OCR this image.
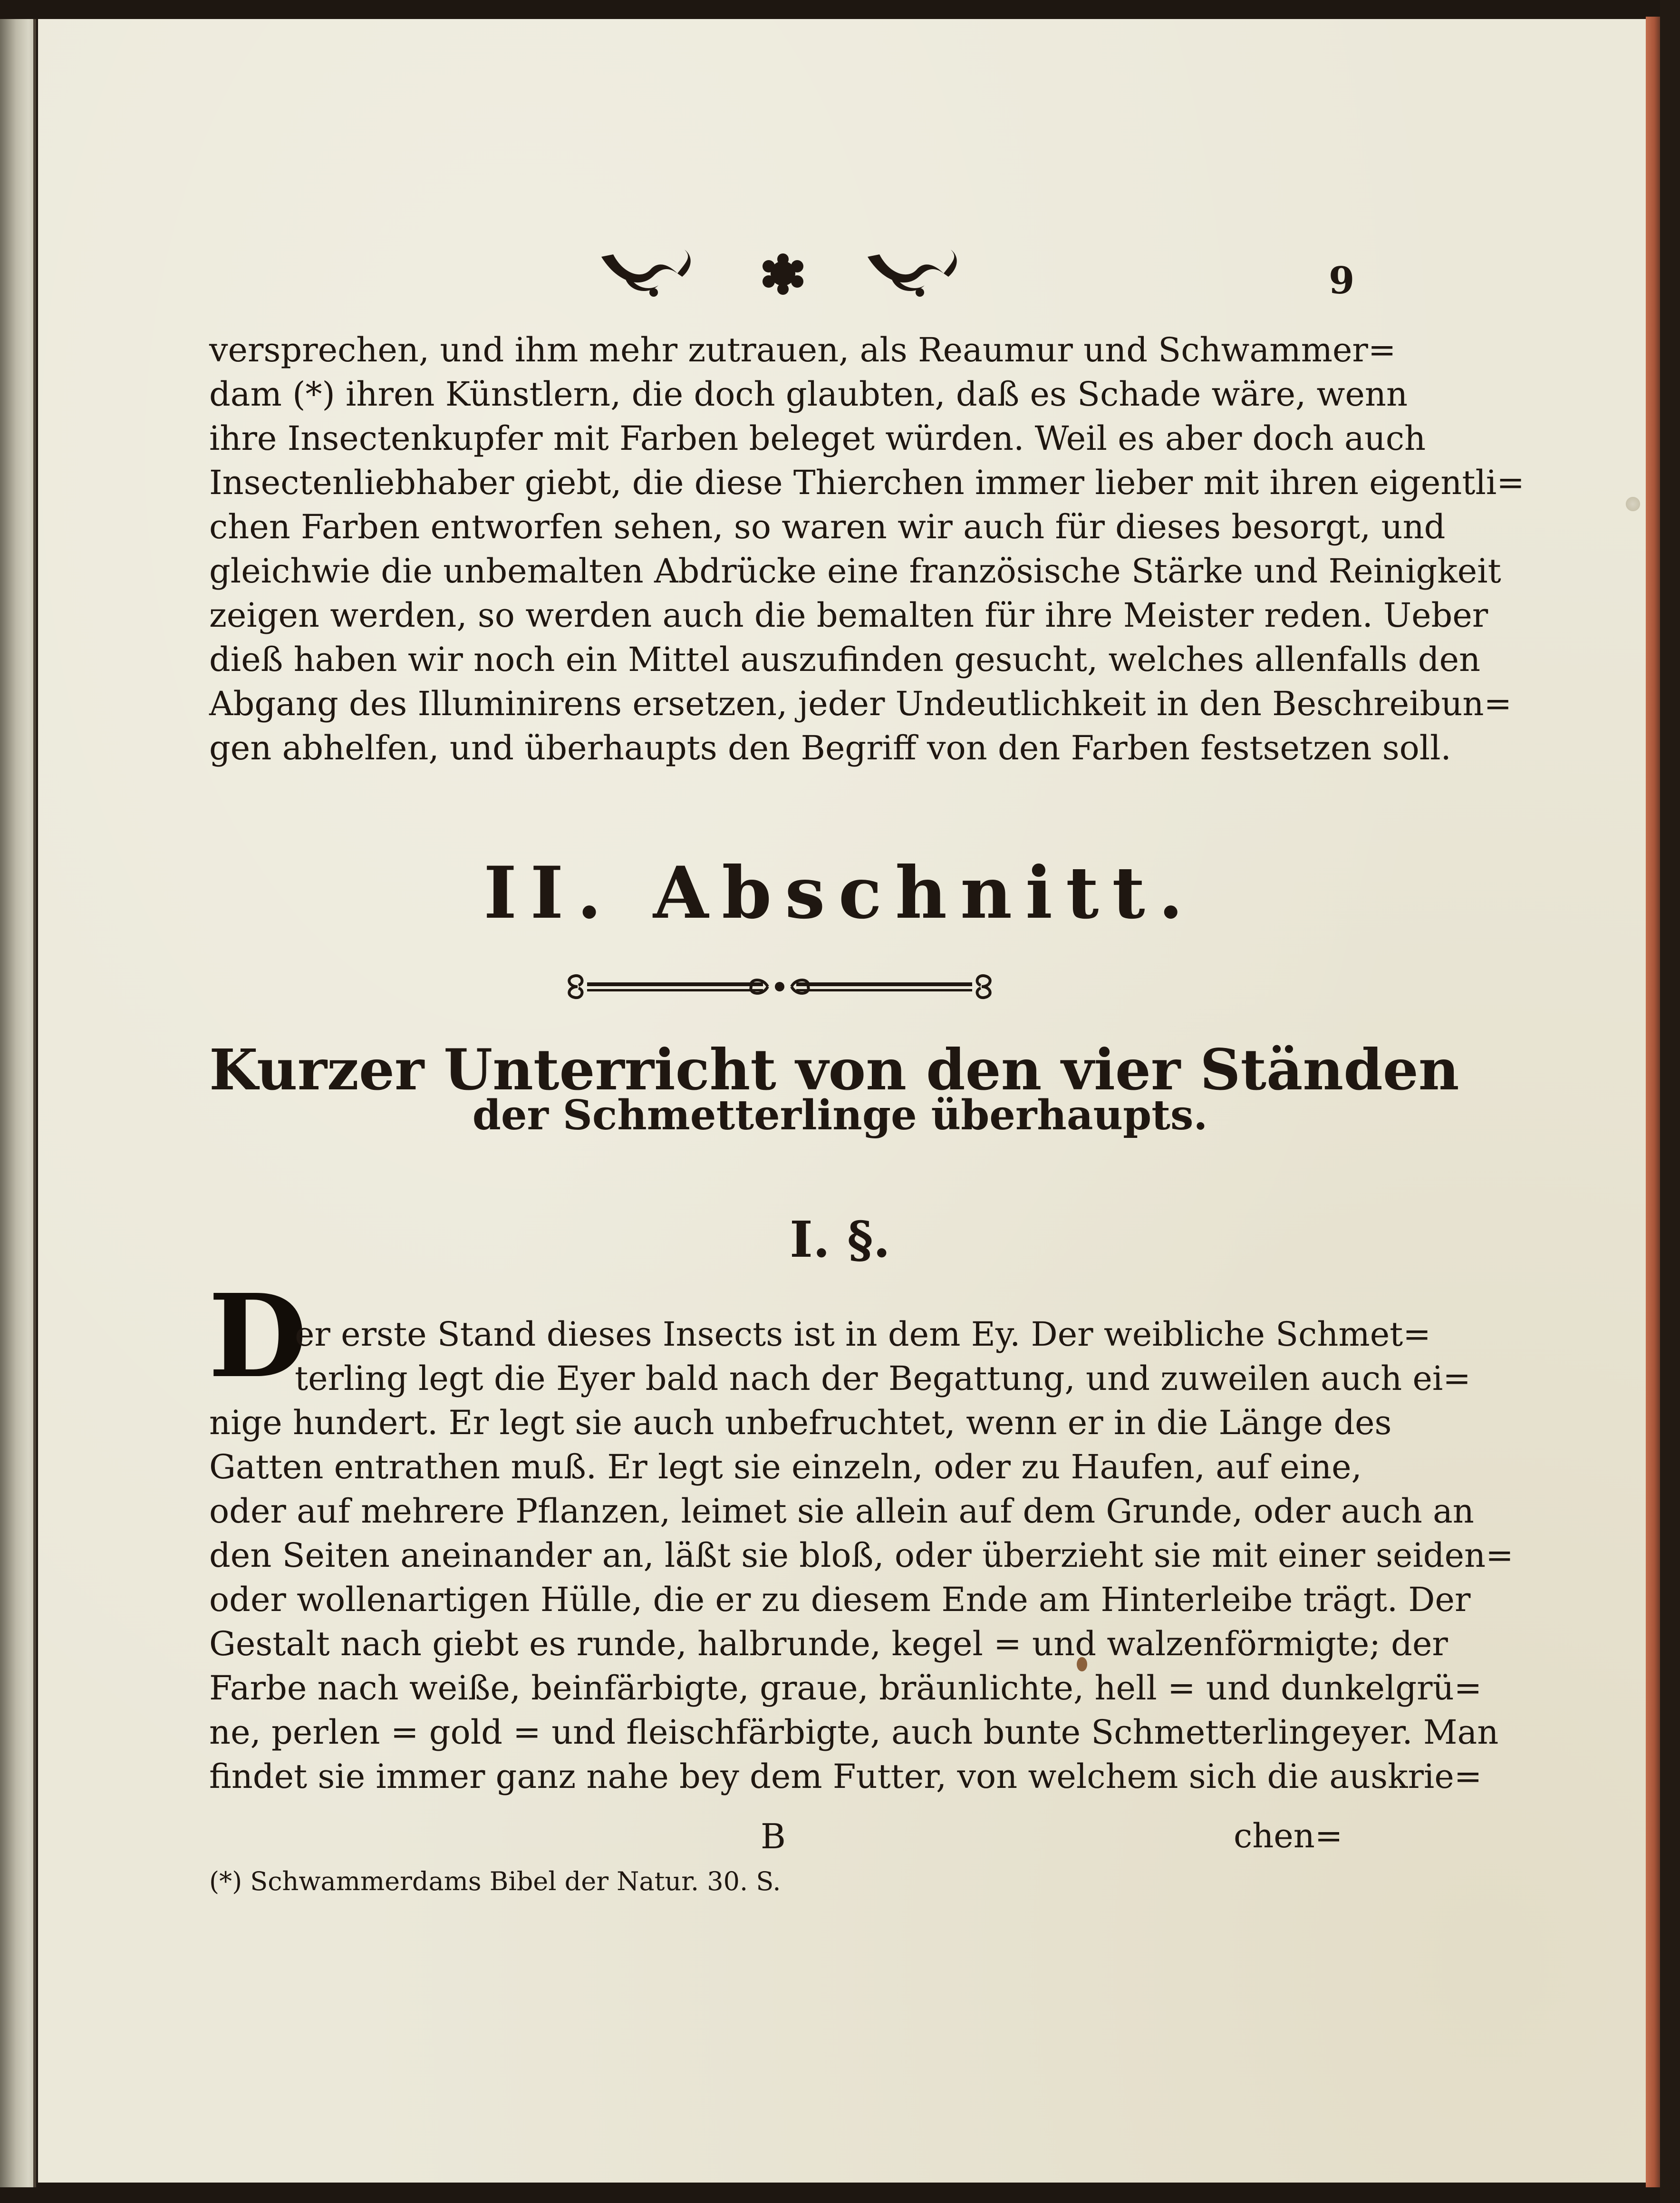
9
versprechen, und ihm mehr zutrauen, als Reaumur und Schwammer=
dam (*) ihren Künstlern, die doch glaubten, daß es Schade wäre, wenn
ihre Insectenkupfer mit Farben beleget würden. Weil es aber doch auch
Insectenliebhaber giebt, die diese Thierchen immer lieber mit ihren eigentli=
chen Farben entworfen sehen, so waren wir auch für dieses besorgt, und
gleichwie die unbemalten Abdrücke eine französische Stärke und Reinigkeit
zeigen werden, so werden auch die bemalten für ihre Meister reden. Ueber
dieß haben wir noch ein Mittel auszufinden gesucht, welches allenfalls den
Abgang des Illuminirens ersetzen, jeder Undeutlichkeit in den Beschreibun=
gen abhelfen, und überhaupts den Begriff von den Farben festsetzen soll.
II. Abschnitt.
Kurzer Unterricht von den vier Ständen
der Schmetterlinge überhaupts.
I. §.
D
er erste Stand dieses Insects ist in dem Ey. Der weibliche Schmet=
terling legt die Eyer bald nach der Begattung, und zuweilen auch ei=
nige hundert. Er legt sie auch unbefruchtet, wenn er in die Länge des
Gatten entrathen muß. Er legt sie einzeln, oder zu Haufen, auf eine,
oder auf mehrere Pflanzen, leimet sie allein auf dem Grunde, oder auch an
den Seiten aneinander an, läßt sie bloß, oder überzieht sie mit einer seiden=
oder wollenartigen Hülle, die er zu diesem Ende am Hinterleibe trägt. Der
Gestalt nach giebt es runde, halbrunde, kegel = und walzenförmigte; der
Farbe nach weiße, beinfärbigte, graue, bräunlichte, hell = und dunkelgrü=
ne, perlen = gold = und fleischfärbigte, auch bunte Schmetterlingeyer. Man
findet sie immer ganz nahe bey dem Futter, von welchem sich die auskrie=
B	chen=
(*) Schwammerdams Bibel der Natur. 30. S.
